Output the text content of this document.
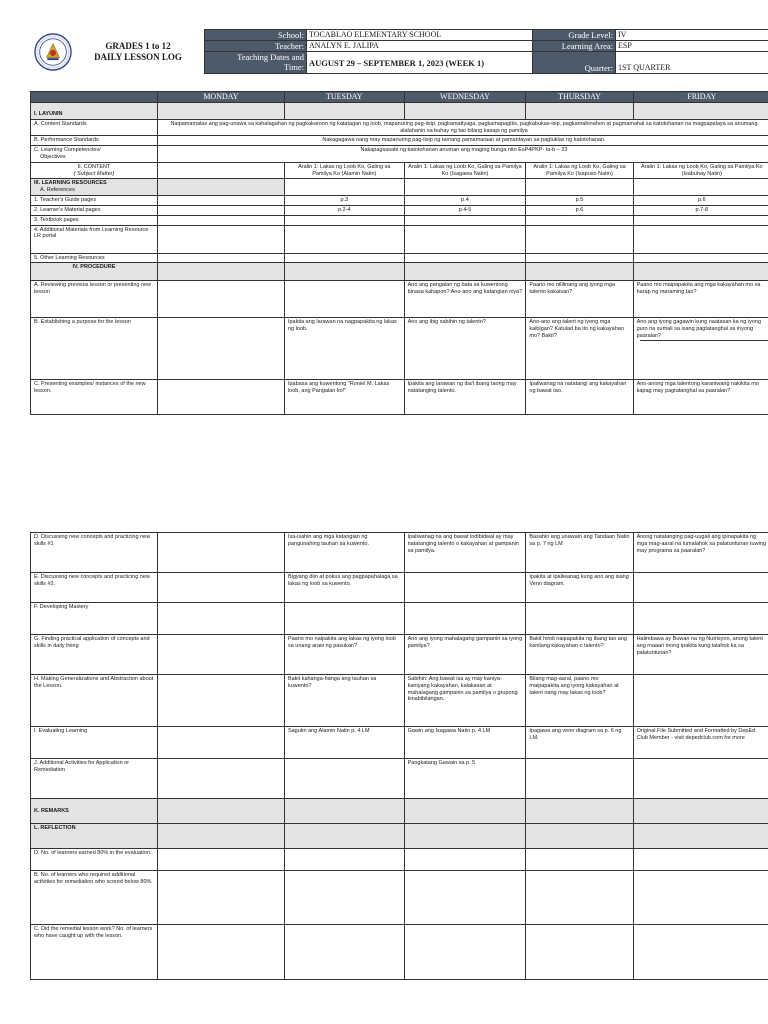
GRADES 1 to 12
DAILY LESSON LOG
School:	TOCABLAO ELEMENTARY SCHOOL	Grade Level:	IV
Teacher:	ANALYN E. JALIPA	Learning Area:	ESP

Teaching Dates and
Time:	AUGUST 29 – SEPTEMBER 1, 2023 (WEEK 1)	Quarter:	1ST QUARTER
	MONDAY	TUESDAY	WEDNESDAY	THURSDAY	FRIDAY
I. LAYUNIN					
A. Content Standards	Naipamamalas ang pag-unawa sa kahalagahan ng pagkakaroon ng katatagan ng loob, mapanuring pag-iisip, pagkamatiyaga, pagkamapagtiis, pagkabukas-isip, pagkamahinahon at pagmamahal sa katotohanan na magpapalaya sa anumang alalahanin sa buhay ng tao bilang kasapi ng pamilya				
B. Performance Standards	Nakagagawa nang may mapanuring pag-iisip ng tamang pamamaraan at pamantayan sa pagtuklas ng katotohanan.				

C. Learning Competencies/
Objectives	Nakapagsasabi ng katotohanan anuman ang maging bunga nito EsP4PKP- Ia-b – 23				

II. CONTENT
( Subject Matter)		Aralin 1: Lakas ng Loob Ko, Galing sa Pamilya Ko (Alamin Natin)	Aralin 1: Lakas ng Loob Ko, Galing sa Pamilya Ko (Isagawa Natin)	Aralin 1: Lakas ng Loob Ko, Galing sa Pamilya Ko (Isapuso Natin)	Aralin 1: Lakas ng Loob Ko, Galing sa Pamilya Ko (Isabuhay Natin)

III. LEARNING RESOURCES
A. References					

1. Teacher's Guide pages		p.3	p.4	p.5	p.6
2. Learner's Material pages		p.2-4	p.4-5	p.6	p.7-8
3. Textbook pages					
4. Additional Materials from Learning Resource LR portal					
5. Other Learning Resources					
IV. PROCEDURE					
A. Reviewing previous lesson or presenting new lesson			Ano ang pangalan ng bata sa kuwentong binasa kahapon? Ano-ano ang katangian niya?	Paano mo nililinang ang iyong mga talento kakaisan?	Paano mo maipapakita ang mga kakayahan mo sa harap ng maraming tao?
B. Establishing a purpose for the lesson		Ipakita ang larawan na nagpapakita ng lakas ng loob.	Ano ang ibig sabihin ng talento?	Ano-ano ang talent ng iyong mga kaibigan? Katulad ba ito ng kakayahan mo? Bakit?	Ano ang iyong gagawin kung naatasan ka ng iyong guro na sumali sa isang pagtatanghal sa inyong paaralan?
C. Presenting examples/ instances of the new lesson.		Ipabasa ang kuwentong "Roniel M. Lakas loob, ang Pangalan ko!"	Ipakita ang larawan ng iba't ibang taong may natatanging talento.	Ipaliwanag na natatangi ang kakayahan ng bawat tao.	Ano-anong mga talentong karaniwang nakikita mo kapag may pagtatanghal sa paaralan?
D. Discussing new concepts and practicing new skills #1		Isa-isahin ang mga katangian ng pangunahing tauhan sa kuwento.	Ipaliwanag na ang bawat indibidwal ay may natatanging talento o kakayahan at gampanin sa pamilya.	Basahin ang unawain ang Tandaan Natin sa p. 7 ng LM	Anong natatanging pag-uugali ang ipinapakita ng mga mag-aaral na lumalahok sa palatuntunan tuwing may programa sa paaralan?
E. Discussing new concepts and practicing new skills #2.		Bigyang diin at pokus ang pagpapahalaga sa lakas ng loob sa kuwento.		Ipakita at ipaliwanag kung ano ang isang Venn diagram.	
F. Developing Mastery					
G. Finding practical application of concepts and skills in daily living		Paano mo naipakita ang lakas ng iyong loob sa unang araw ng pasukan?	Ano ang iyong mahalagang gampanin sa iyong pamilya?	Bakit hindi naipapakita ng ibang tao ang kanilang kakayahan o talento?	Halimbawa ay Buwan na ng Nutrisyon, anong talent ang maaari mong ipakita kung lalahok ka sa palatuntunan?
H. Making Generalizations and Abstraction about the Lesson.		Bakit kahanga-hanga ang tauhan sa kuwento?	Sabihin: Ang bawat isa ay may kaniya-kaniyang kakayahan, kalakasan at mahalagang gampanin sa pamilya o grupong kinabibilangan.	Bilang mag-aaral, paano mo maipapakita ang iyong kakayahan at talent nang may lakas ng loob?	
I. Evaluating Learning		Sagutin ang Alamin Natin p. 4 LM	Gawin ang Isagawa Natin p. 4 LM	Ipagawa ang venn diagram sa p. 6 ng LM.	Original File Submitted and Formatted by DepEd Club Member - visit depedclub.com for more
J. Additional Activities for Application or Remediation			Pangkatang Gawain sa p. 5		
K. REMARKS					
L. REFLECTION					
D. No. of learners earned 80% in the evaluation.					
B. No. of learners who required additional activities for remediation who scored below 80%					
C. Did the remedial lesson work? No. of learners who have caught up with the lesson.					
